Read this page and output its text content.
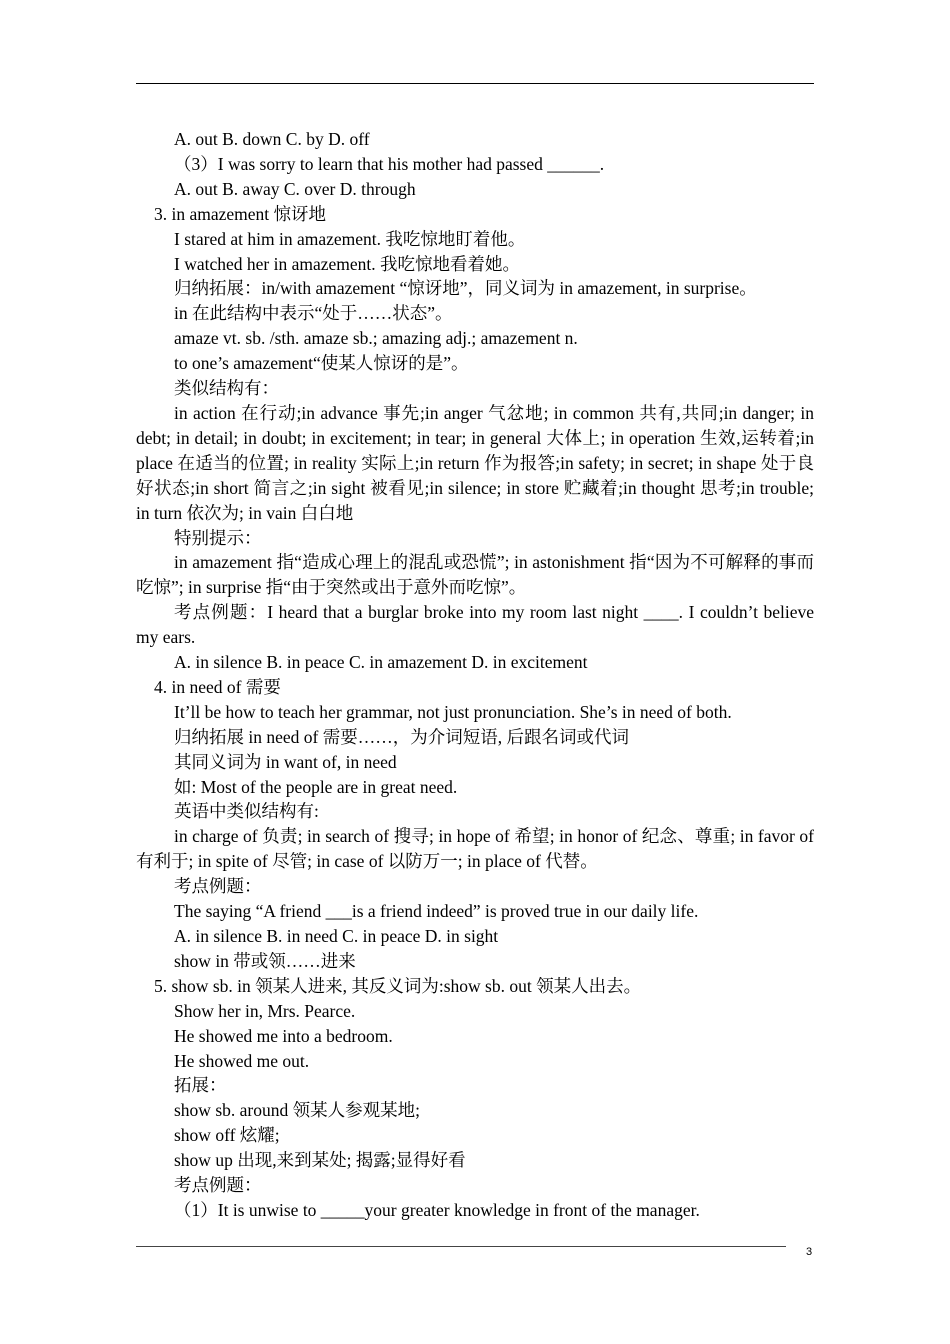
A. out B. down C. by D. off
（3）I was sorry to learn that his mother had passed ______.
A. out B. away C. over D. through
3. in amazement 惊讶地
I stared at him in amazement. 我吃惊地盯着他。
I watched her in amazement. 我吃惊地看着她。
归纳拓展：in/with amazement “惊讶地”，同义词为 in amazement, in surprise。
in 在此结构中表示“处于……状态”。
amaze vt. sb. /sth. amaze sb.; amazing adj.; amazement n.
to one’s amazement“使某人惊讶的是”。
类似结构有：
in action 在行动;in advance 事先;in anger 气忿地; in common 共有,共同;in danger; in debt; in detail; in doubt; in excitement; in tear; in general 大体上; in operation 生效,运转着;in place 在适当的位置; in reality 实际上;in return 作为报答;in safety; in secret; in shape 处于良好状态;in short 简言之;in sight 被看见;in silence; in store 贮藏着;in thought 思考;in trouble; in turn 依次为; in vain 白白地
特别提示：
in amazement 指“造成心理上的混乱或恐慌”; in astonishment 指“因为不可解释的事而吃惊”; in surprise 指“由于突然或出于意外而吃惊”。
考点例题：I heard that a burglar broke into my room last night ____. I couldn’t believe my ears.
A. in silence B. in peace C. in amazement D. in excitement
4. in need of 需要
It’ll be how to teach her grammar, not just pronunciation. She’s in need of both.
归纳拓展 in need of 需要……，为介词短语, 后跟名词或代词
其同义词为 in want of, in need
如: Most of the people are in great need.
英语中类似结构有:
in charge of 负责; in search of 搜寻; in hope of 希望; in honor of 纪念、尊重; in favor of 有利于; in spite of 尽管; in case of 以防万一; in place of 代替。
考点例题：
The saying “A friend ___is a friend indeed” is proved true in our daily life.
A. in silence B. in need C. in peace D. in sight
show in 带或领……进来
5. show sb. in 领某人进来, 其反义词为:show sb. out 领某人出去。
Show her in, Mrs. Pearce.
He showed me into a bedroom.
He showed me out.
拓展：
show sb. around 领某人参观某地;
show off 炫耀;
show up 出现,来到某处; 揭露;显得好看
考点例题：
（1）It is unwise to _____your greater knowledge in front of the manager.
3
